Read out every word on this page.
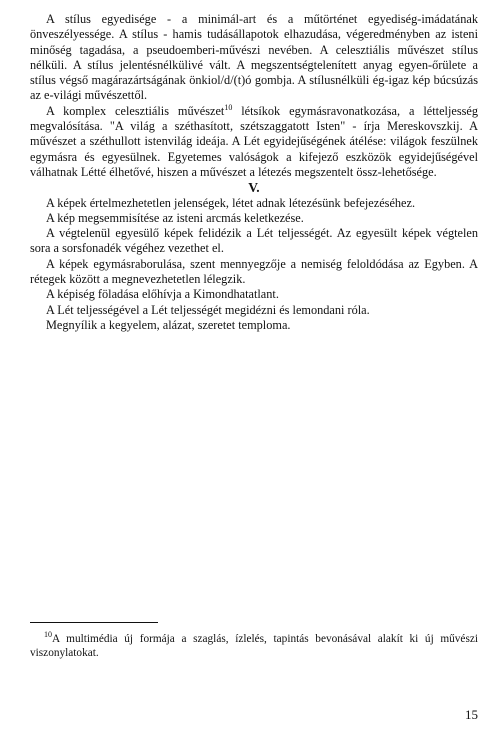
A stílus egyedisége - a minimál-art és a műtörténet egyediség-imádatának önveszélyessége. A stílus - hamis tudásállapotok elhazudása, végeredményben az isteni minőség tagadása, a pseudoemberi-művészi nevében. A celesztiális művészet stílus nélküli. A stílus jelentésnélkülivé vált. A megszentségtelenített anyag egyen-őrülete a stílus végső magárazártságának önkiol/d/(t)ó gombja. A stílusnélküli ég-igaz kép búcsúzás az e-világi művészettől.

A komplex celesztiális művészet$^{10}$ létsíkok egymásravonatkozása, a létteljesség megvalósítása. "A világ a széthasított, szétszaggatott Isten" - írja Mereskovszkij. A művészet a széthullott istenvilág ideája. A Lét egyidejűségének átélése: világok feszülnek egymásra és egyesülnek. Egyetemes valóságok a kifejező eszközök egyidejűségével válhatnak Létté élhetővé, hiszen a művészet a létezés megszentelt össz-lehetősége.

V.

A képek értelmezhetetlen jelenségek, létet adnak létezésünk befejezéséhez.

A kép megsemmisítése az isteni arcmás keletkezése.

A végtelenül egyesülő képek felidézik a Lét teljességét. Az egyesült képek végtelen sora a sorsfonadék végéhez vezethet el.

A képek egymásraborulása, szent mennyegzője a nemiség feloldódása az Egyben. A rétegek között a megnevezhetetlen lélegzik.

A képiség föladása előhívja a Kimondhatatlant.

A Lét teljességével a Lét teljességét megidézni és lemondani róla.

Megnyílik a kegyelem, alázat, szeretet temploma.

$^{10}$A multimédia új formája a szaglás, ízlelés, tapintás bevonásával alakít ki új művészi viszonylatokat.
15
